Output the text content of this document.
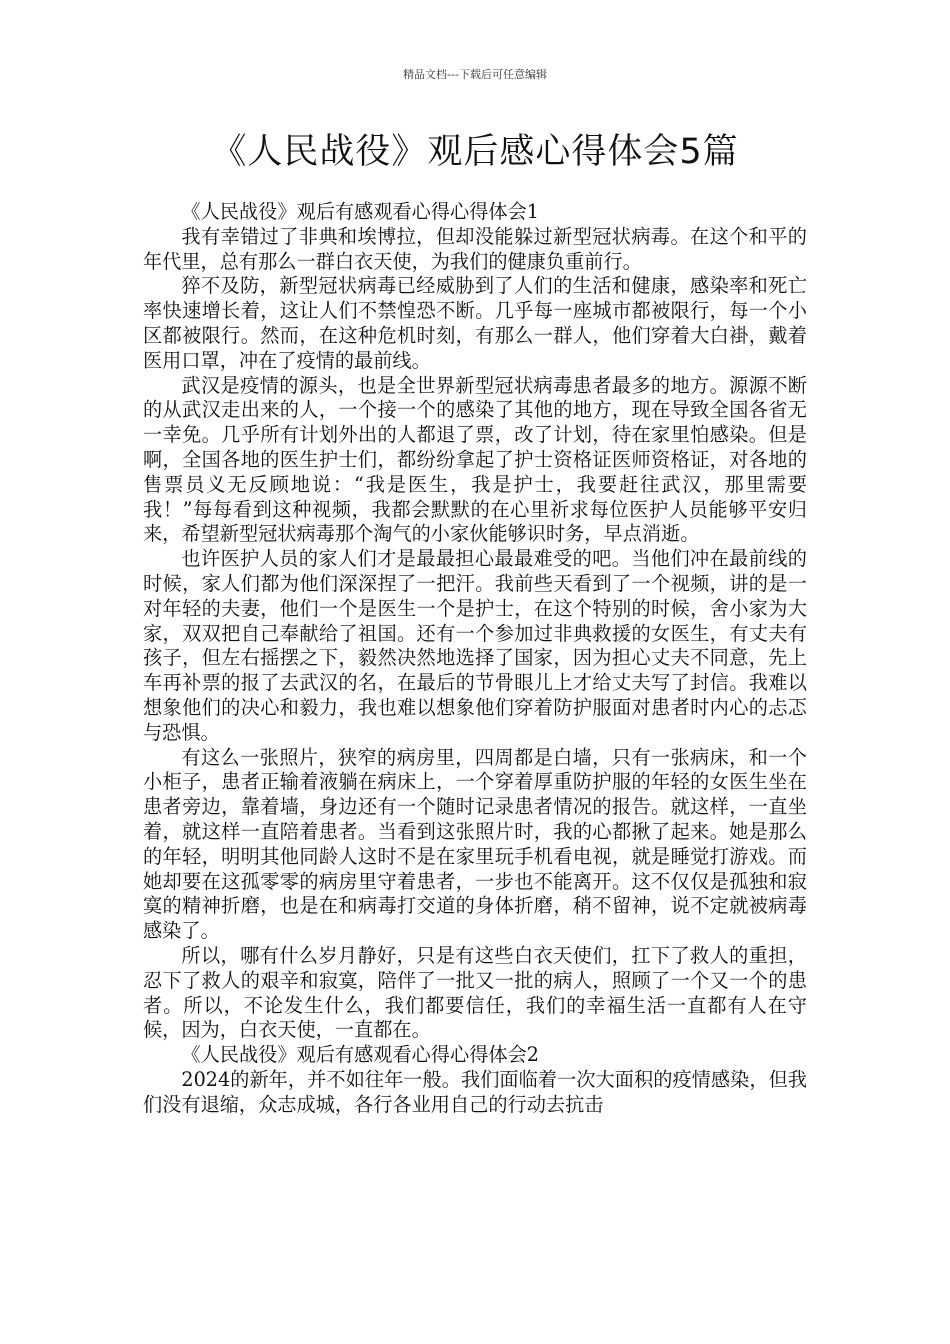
精品文档---下载后可任意编辑
《人民战役》观后感心得体会5篇

《人民战役》观后有感观看心得心得体会1

我有幸错过了非典和埃博拉，但却没能躲过新型冠状病毒。在这个和平的年代里，总有那么一群白衣天使，为我们的健康负重前行。

猝不及防，新型冠状病毒已经威胁到了人们的生活和健康，感染率和死亡率快速增长着，这让人们不禁惶恐不断。几乎每一座城市都被限行，每一个小区都被限行。然而，在这种危机时刻，有那么一群人，他们穿着大白褂，戴着医用口罩，冲在了疫情的最前线。

武汉是疫情的源头，也是全世界新型冠状病毒患者最多的地方。源源不断的从武汉走出来的人，一个接一个的感染了其他的地方，现在导致全国各省无一幸免。几乎所有计划外出的人都退了票，改了计划，待在家里怕感染。但是啊，全国各地的医生护士们，都纷纷拿起了护士资格证医师资格证，对各地的售票员义无反顾地说：“我是医生，我是护士，我要赶往武汉，那里需要我！”每每看到这种视频，我都会默默的在心里祈求每位医护人员能够平安归来，希望新型冠状病毒那个淘气的小家伙能够识时务，早点消逝。

也许医护人员的家人们才是最最担心最最难受的吧。当他们冲在最前线的时候，家人们都为他们深深捏了一把汗。我前些天看到了一个视频，讲的是一对年轻的夫妻，他们一个是医生一个是护士，在这个特别的时候，舍小家为大家，双双把自己奉献给了祖国。还有一个参加过非典救援的女医生，有丈夫有孩子，但左右摇摆之下，毅然决然地选择了国家，因为担心丈夫不同意，先上车再补票的报了去武汉的名，在最后的节骨眼儿上才给丈夫写了封信。我难以想象他们的决心和毅力，我也难以想象他们穿着防护服面对患者时内心的忐忑与恐惧。

有这么一张照片，狭窄的病房里，四周都是白墙，只有一张病床，和一个小柜子，患者正输着液躺在病床上，一个穿着厚重防护服的年轻的女医生坐在患者旁边，靠着墙，身边还有一个随时记录患者情况的报告。就这样，一直坐着，就这样一直陪着患者。当看到这张照片时，我的心都揪了起来。她是那么的年轻，明明其他同龄人这时不是在家里玩手机看电视，就是睡觉打游戏。而她却要在这孤零零的病房里守着患者，一步也不能离开。这不仅仅是孤独和寂寞的精神折磨，也是在和病毒打交道的身体折磨，稍不留神，说不定就被病毒感染了。

所以，哪有什么岁月静好，只是有这些白衣天使们，扛下了救人的重担，忍下了救人的艰辛和寂寞，陪伴了一批又一批的病人，照顾了一个又一个的患者。所以，不论发生什么，我们都要信任，我们的幸福生活一直都有人在守候，因为，白衣天使，一直都在。

《人民战役》观后有感观看心得心得体会2

2024的新年，并不如往年一般。我们面临着一次大面积的疫情感染，但我们没有退缩，众志成城，各行各业用自己的行动去抗击
